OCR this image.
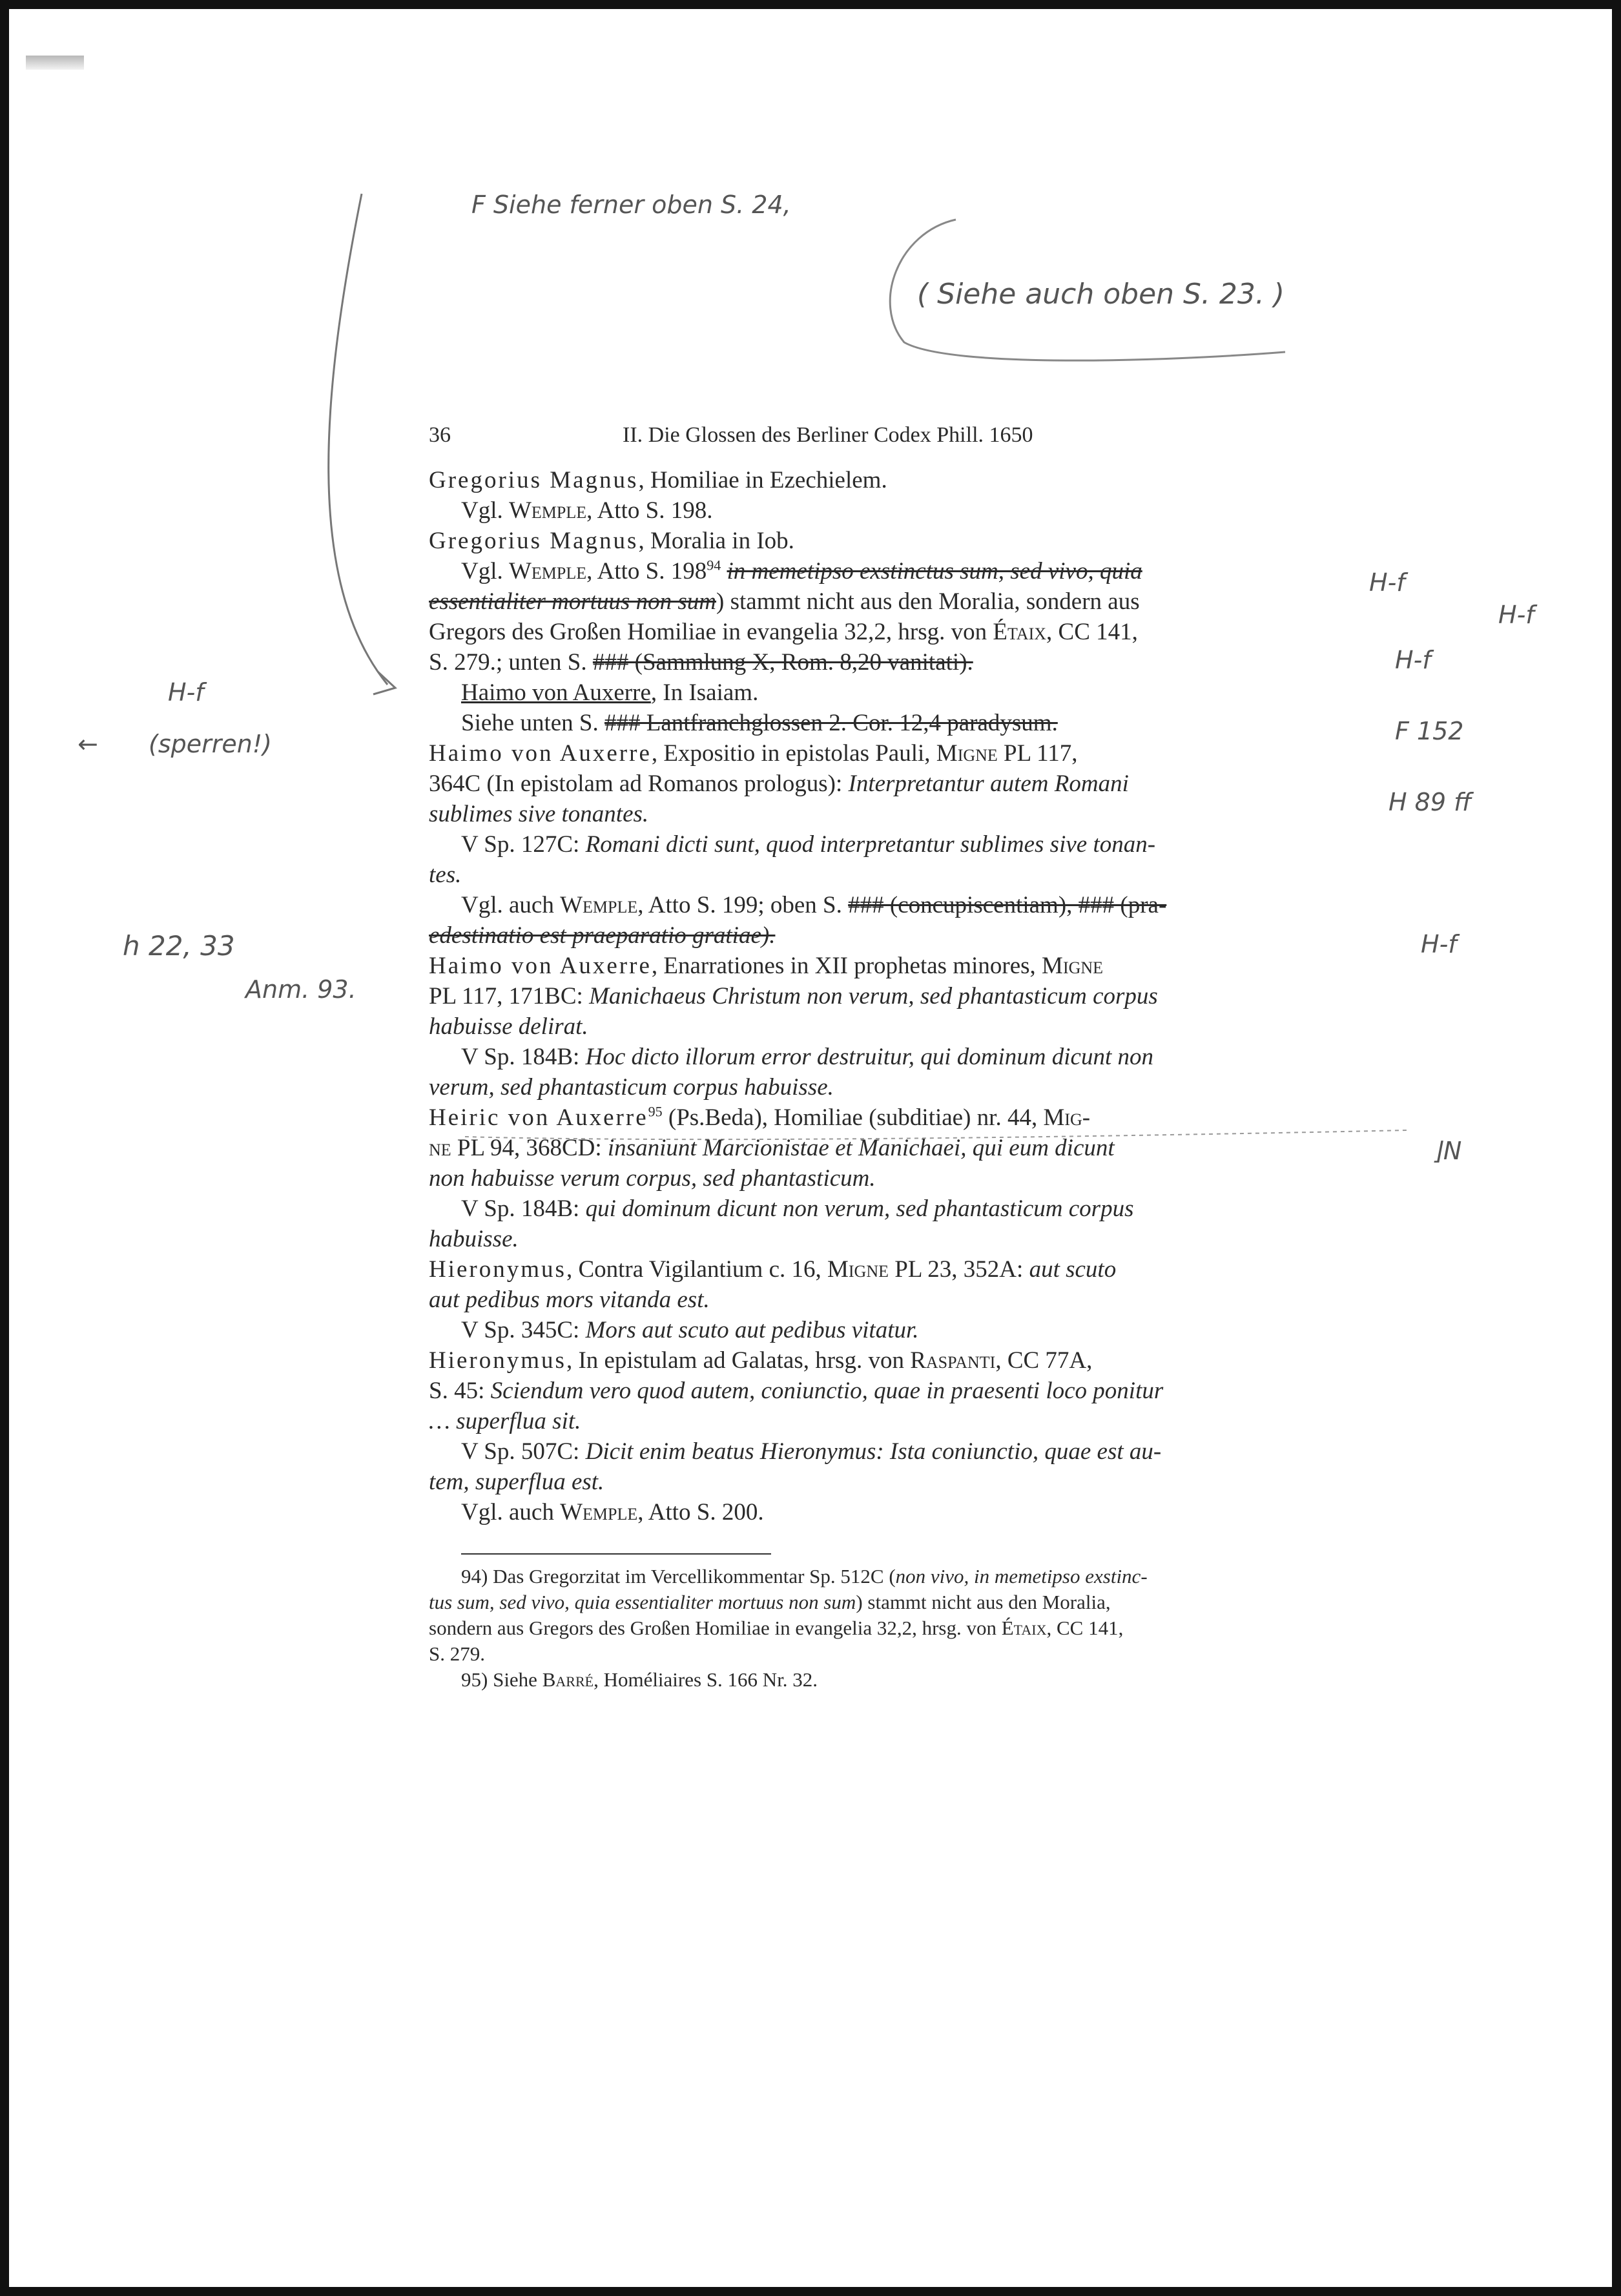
F Siehe ferner oben S. 24,
( Siehe auch oben S. 23. )
H-f
← (sperren!)
h 22, 33
Anm. 93.
H-f
H-f
H-f
F 152
H 89 ff
H-f
⌋N
36	II. Die Glossen des Berliner Codex Phill. 1650
Gregorius Magnus, Homiliae in Ezechielem.
Vgl. Wemple, Atto S. 198.
Gregorius Magnus, Moralia in Iob.
Vgl. Wemple, Atto S. $198^{94}$ in memetipso exstinctus sum, sed vivo, quia
essentialiter mortuus non sum) stammt nicht aus den Moralia, sondern aus
Gregors des Großen Homiliae in evangelia 32,2, hrsg. von Étaix, CC 141,
S. 279.; unten S. ### (Sammlung X, Rom. 8,20 vanitati).
Haimo von Auxerre, In Isaiam.
Siehe unten S. ### Lantfranchglossen 2. Cor. 12,4 paradysum.
Haimo von Auxerre, Expositio in epistolas Pauli, Migne PL 117,
364C (In epistolam ad Romanos prologus): Interpretantur autem Romani
sublimes sive tonantes.
V Sp. 127C: Romani dicti sunt, quod interpretantur sublimes sive tonan-
tes.
Vgl. auch Wemple, Atto S. 199; oben S. ### (concupiscentiam), ### (pra-
edestinatio est praeparatio gratiae).
Haimo von Auxerre, Enarrationes in XII prophetas minores, Migne
PL 117, 171BC: Manichaeus Christum non verum, sed phantasticum corpus
habuisse delirat.
V Sp. 184B: Hoc dicto illorum error destruitur, qui dominum dicunt non
verum, sed phantasticum corpus habuisse.
Heiric von Auxerre$^{95}$ (Ps.Beda), Homiliae (subditiae) nr. 44, Mig-
ne PL 94, 368CD: insaniunt Marcionistae et Manichaei, qui eum dicunt
non habuisse verum corpus, sed phantasticum.
V Sp. 184B: qui dominum dicunt non verum, sed phantasticum corpus
habuisse.
Hieronymus, Contra Vigilantium c. 16, Migne PL 23, 352A: aut scuto
aut pedibus mors vitanda est.
V Sp. 345C: Mors aut scuto aut pedibus vitatur.
Hieronymus, In epistulam ad Galatas, hrsg. von Raspanti, CC 77A,
S. 45: Sciendum vero quod autem, coniunctio, quae in praesenti loco ponitur
… superflua sit.
V Sp. 507C: Dicit enim beatus Hieronymus: Ista coniunctio, quae est au-
tem, superflua est.
Vgl. auch Wemple, Atto S. 200.
94) Das Gregorzitat im Vercellikommentar Sp. 512C (non vivo, in memetipso exstinc-
tus sum, sed vivo, quia essentialiter mortuus non sum) stammt nicht aus den Moralia,
sondern aus Gregors des Großen Homiliae in evangelia 32,2, hrsg. von Étaix, CC 141,
S. 279.
95) Siehe Barré, Homéliaires S. 166 Nr. 32.
